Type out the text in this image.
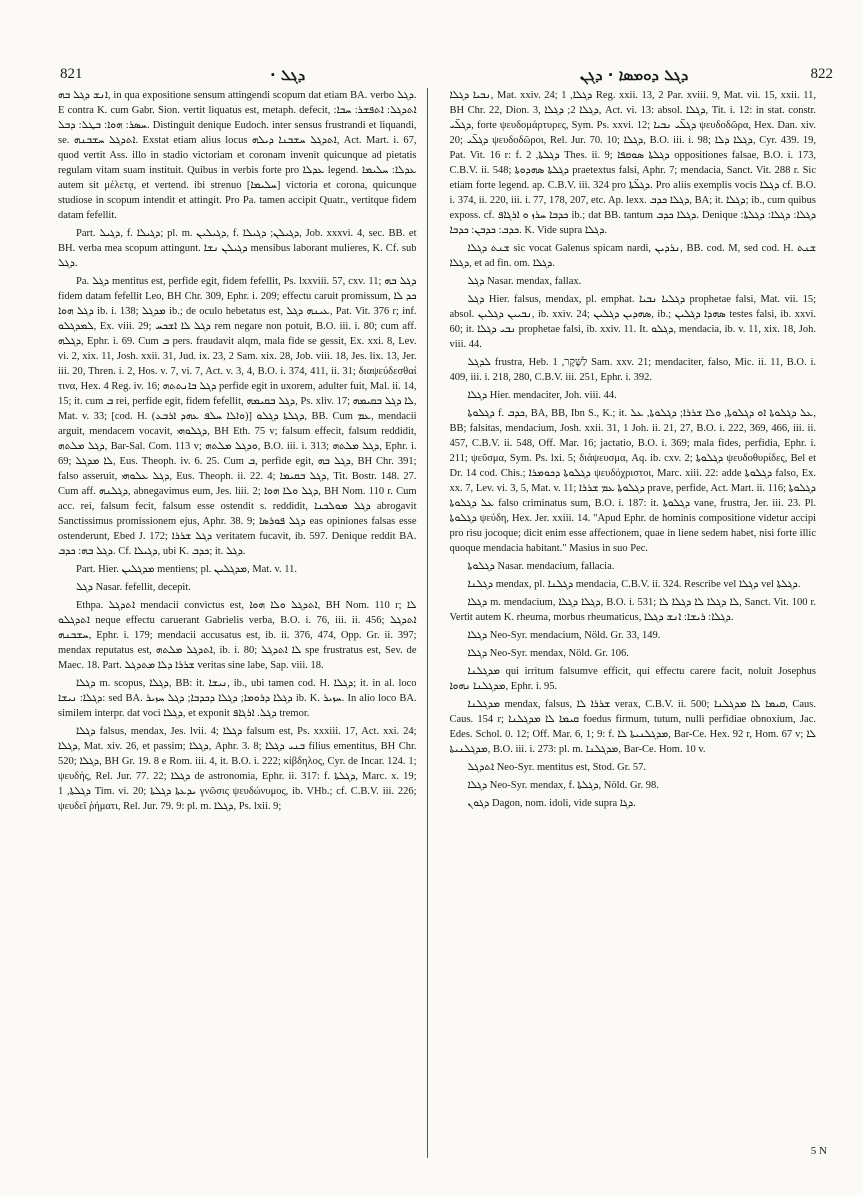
821	ܕܓܠ ·	ܕܓܠ ܕܘܡܣܐ · ܕܓܢ	822

ܐܢܫ ܕܓܠ ܒܗ, in qua expositione sensum attingendi scopum dat etiam BA. verbo ܕܓܠ. E contra K. cum Gabr. Sion. vertit liquatus est, metaph. defecit, ܐܬܕܓܠ: ܐܬܦܫܪ: ܚܒܐ: ܚܣܪ: ܗܘܐ: ܒܛܠ: ܕܒܠ. Distinguit denique Eudoch. inter sensus frustrandi et liquandi, se. ܐܬܕܓܠ ܚܫܒܢܗ. Exstat etiam alius locus ܐܬܕܓܠ ܚܫܒܢܐ ܕܝܠܗ, Act. Mart. i. 67, quod vertit Ass. illo in stadio victoriam et coronam invenit quicunque ad pietatis regulam vitam suam instituit. Quibus in verbis forte pro ܥܕܠܐ legend. ܥܕܠܐ: ܚܠܝܡܐ autem sit μέλετᾳ, et vertend. ibi strenuo [ܚܠܝܡܐ] victoria et corona, quicunque studiose in scopum intendit et attingit. Pro Pa. tamen accipit Quatr., vertitque fidem datam fefellit.

Part. ܕܓܝܠ, f. ܕܓܝܠܐ; pl. m. ܕܓܝܠܝܢ, f. ܕܓܝܠܢ; ܕܓܝܠܐ, Job. xxxvi. 4, sec. BB. et BH. verba mea scopum attingunt. ܕܓܝܠܢ ܢܫܐ mensibus laborant mulieres, K. Cf. sub ܕܓܠ.

Pa. ܕܓܠ mentitus est, perfide egit, fidem fefellit, Ps. lxxviii. 57, cxv. 11; ܕܓܠ ܒܗ fidem datam fefellit Leo, BH Chr. 309, Ephr. i. 209; effectu caruit promissum, ܟܕ ܠܐ ܕܓܠ ܗܘܐ ib. i. 138; ܡܕܓܠ ib.; de oculo hebetatus est, ܥܝܢܗ ܕܓܠ, Pat. Vit. 376 r; inf. ܠܡܕܓܠܘ, Ex. viii. 29; ܕܓܠ ܠܐ ܐܫܟܚ rem negare non potuit, B.O. iii. i. 80; cum aff. ܕܓܠܗ, Ephr. i. 69. Cum ܒ pers. fraudavit alqm, mala fide se gessit, Ex. xxi. 8, Lev. vi. 2, xix. 11, Josh. xxii. 31, Jud. ix. 23, 2 Sam. xix. 28, Job. viii. 18, Jes. lix. 13, Jer. iii. 20, Thren. i. 2, Hos. v. 7, vi. 7, Act. v. 3, 4, B.O. i. 374, 411, ii. 31; διαψεύδεσθαί τινα, Hex. 4 Reg. iv. 16; ܕܓܠ ܒܐܢܬܬܗ perfide egit in uxorem, adulter fuit, Mal. ii. 14, 15; it. cum ܒ rei, perfide egit, fidem fefellit, ܕܓܠ ܒܩܝܡܗ, Ps. xliv. 17; ܠܐ ܕܓܠ ܒܩܝܡܗ, Mat. v. 33; [cod. H. (ܘܐܠܐ ܚܠܦ ܥܗܕ ܐܪܒܥ)] ܕܓܠܬܐ ܕܓܠܘ, BB. Cum ܥܡ, mendacii arguit, mendacem vocavit, ܕܓܠܘܗܝ, BH Eth. 75 v; falsum effecit, falsum reddidit, ܕܓܠ ܡܠܬܗ, Bar-Sal. Com. 113 v; ܘܕܓܠ ܡܠܬܗ, B.O. iii. i. 313; ܕܓܠ ܡܠܬܗ, Ephr. i. 69; ܠܐ ܡܕܓܠ, Eus. Theoph. iv. 6. 25. Cum ܒ, perfide egit, ܕܓܠ ܒܗ, BH Chr. 391; falso asseruit, ܕܓܠ ܥܠܘܗܝ, Eus. Theoph. ii. 22. 4; ܕܓܠ ܒܩܝܡܐ, Tit. Bostr. 148. 27. Cum aff. ܕܓܠܢܗ, abnegavimus eum, Jes. liii. 2; ܕܓܠ ܘܠܐ ܗܘܐ, BH Nom. 110 r. Cum acc. rei, falsum fecit, falsum esse ostendit s. reddidit, ܕܓܠ ܡܘܠܟܢܐ abrogavit Sanctissimus promissionem ejus, Aphr. 38. 9; ܕܓܠ ܦܘܪܣܐ eas opiniones falsas esse ostenderunt, Ebed J. 172; ܕܓܠ ܫܪܪܐ veritatem fucavit, ib. 597. Denique reddit BA. ܕܓܠ ܒܗ: ܟܕܒ. Cf. ܕܓܝܠܐ, ubi K. ܟܕܒ; it. ܕܓܠ.

Part. Hier. ܡܕܓܠܝܢ mentiens; pl. ܡܕܓܠܝܢ, Mat. v. 11.

ܕܓܠ Nasar. fefellit, decepit.

Ethpa. ܐܬܕܓܠ mendacii convictus est, ܐܬܕܓܠ ܘܠܐ ܗܘܐ, BH Nom. 110 r; ܠܐ ܐܬܕܓܠܘ neque effectu caruerant Gabrielis verba, B.O. i. 76, iii. ii. 456; ܐܬܕܓܠ ܚܫܒܢܗ, Ephr. i. 179; mendacii accusatus est, ib. ii. 376, 474, Opp. Gr. ii. 397; mendax reputatus est, ܐܬܕܓܠ ܡܠܬܗ, ib. i. 80; ܠܐ ܐܬܕܓܠ spe frustratus est, Sev. de Maec. 18. Part. ܫܪܪܐ ܕܠܐ ܡܬܕܓܠ veritas sine labe, Sap. viii. 18.

ܕܓܠܐ m. scopus, ܕܓܠܐ, BB: it. ܢܝܫܐ, ib., ubi tamen cod. H. ܕܓܠܐ; it. in al. loco ܕܓܠܐ: ܢܝܫܐ: sed BA. ܕܓܠܐ ܕܪܘܡܐ; ܕܓܠܐ ܕܟܕܒܐ; ܕܓܠ ܚܙܝܪ ib. K. ܚܙܝܪ. In alio loco BA. similem interpr. dat voci ܕܓܠܐ, et exponit ܕܓܠ. ܐܪܓܐܦ tremor.

ܕܓܠܐ falsus, mendax, Jes. lvii. 4; ܕܓܠܐ falsum est, Ps. xxxiii. 17, Act. xxi. 24; ܕܓܠܐ, Mat. xiv. 26, et passim; ܕܓܠܐ, Aphr. 3. 8; ܒܢܝ ܕܓܠܐ filius ementitus, BH Chr. 520; ܕܓܠܐ, BH Gr. 19. 8 e Rom. iii. 4, it. B.O. i. 222; κίβδηλος, Cyr. de Incar. 124. 1; ψευδής, Rel. Jur. 77. 22; ܕܓܠܐ de astronomia, Ephr. ii. 317: f. ܕܓܠܬܐ, Marc. x. 19; ܕܓܠܬܐ, 1 Tim. vi. 20; ܝܕܥܬܐ ܕܓܠܬܐ γνῶσις ψευδώνυμος, ib. VHb.; cf. C.B.V. iii. 226; ψευδεῖ ῥήματι, Rel. Jur. 79. 9: pl. m. ܕܓܠܐ, Ps. lxii. 9;

ܢܒܝܐ ܕܓܠܐ, Mat. xxiv. 24; ܕܓܠܐ, 1 Reg. xxii. 13, 2 Par. xviii. 9, Mat. vii. 15, xxii. 11, BH Chr. 22, Dion. 3, ܕܓܠܐ 2; ܕܓܠܐ, Act. vi. 13: absol. ܕܓܠܐ, Tit. i. 12: in stat. constr. ܕܓܠ̈ܝ, forte ψευδομάρτυρες, Sym. Ps. xxvi. 12; ܕܓܠ̈ܝ ܢܒܝܐ ψευδοδῶρα, Hex. Dan. xiv. 20; ܕܓܠ̈ܝ ψευδοδῶροι, Rel. Jur. 70. 10; ܕܓܠܐ, B.O. iii. i. 98; ܕܓܠܐ ܕܠܐ, Cyr. 439. 19, Pat. Vit. 16 r: f. ܕܓܠܬܐ, 2 Thes. ii. 9; ܕܓܠܬܐ ܣܘܩܦܐ oppositiones falsae, B.O. i. 173, C.B.V. ii. 548; ܕܓܠܬܐ ܣܗܕܘܬܐ praetextus falsi, Aphr. 7; mendacia, Sanct. Vit. 288 r. Sic etiam forte legend. ap. C.B.V. iii. 324 pro ܕܓܠ̈ܬܐ. Pro aliis exemplis vocis ܕܓܠܐ cf. B.O. i. 374, ii. 220, iii. i. 77, 178, 207, etc. Ap. lexx. ܕܓܠܐ ܟܕܒ, BA; it. ܕܓܠܐ; ib., cum quibus exposs. cf. ܟܕܒܐ ܚܪܙ ܘ ܐܪܓܐܦ ib.; dat BB. tantum ܕܓܠܐ ܟܕܒ. Denique ܕܓܠܐ: ܕܓܠܐ: ܕܓܠܬܐ: ܟܕܒ: ܟܕܒܢ: ܟܕܒܐ. K. Vide supra ܕܓܠܐ.

ܫܢܬ ܕܓܠܐ sic vocat Galenus spicam nardi, ܢܪܕܝܢ, BB. cod. M, sed cod. H. ܫܢܬ ܕܓܠܐ, et ad fin. om. ܕܓܠܐ.

ܕܓܠ Nasar. mendax, fallax.

ܕܓܠ Hier. falsus, mendax, pl. emphat. ܕܓܠܝܐ ܢܒܝܐ prophetae falsi, Mat. vii. 15; absol. ܢܒܝܝܢ ܕܓܠܝܢ, ib. xxiv. 24; ܣܗܕܝܢ ܕܓܠܝܢ, ib.; ܣܗܕܐ ܕܓܠܝܢ testes falsi, ib. xxvi. 60; it. ܢܒܝ ܕܓܠܐ prophetae falsi, ib. xxiv. 11. It. ܕܓܠܘ, mendacia, ib. v. 11, xix. 18, Joh. viii. 44.

ܠܕܓܠ frustra, Heb. לַשֶּׁקֶר, 1 Sam. xxv. 21; mendaciter, falso, Mic. ii. 11, B.O. i. 409, iii. i. 218, 280, C.B.V. iii. 251, Ephr. i. 392.

ܕܓܠܐ Hier. mendaciter, Joh. viii. 44.

ܕܓܠܘܬܐ f. ܟܕܒ, BA, BB, Ibn S., K.; it. ܥܠ ܕܓܠܘܬܐ ܐܘ ܕܓܠܘܬܐ, ܘܠܐ ܫܪܪܐ; ܕܓܠܘܬܐ, ܥܠ, BB; falsitas, mendacium, Josh. xxii. 31, 1 Joh. ii. 21, 27, B.O. i. 222, 369, 466, iii. ii. 457, C.B.V. ii. 548, Off. Mar. 16; jactatio, B.O. i. 369; mala fides, perfidia, Ephr. i. 211; ψεῦσμα, Sym. Ps. lxi. 5; διάψευσμα, Aq. ib. cxv. 2; ܕܓܠܘܬܐ ψευδοθυρίδες, Bel et Dr. 14 cod. Chis.; ܕܓܠܘܬܐ ܕܟܘܡܪܐ ψευδόχριστοι, Marc. xiii. 22: adde ܕܓܠܘܬܐ falso, Ex. xx. 7, Lev. vi. 3, 5, Mat. v. 11; ܕܓܠܘܬܐ ܥܡ ܫܪܪܐ prave, perfide, Act. Mart. ii. 116; ܕܓܠܘܬܐ ܥܠ ܕܓܠܘܬܐ falso criminatus sum, B.O. i. 187: it. ܕܓܠܘܬܐ vane, frustra, Jer. iii. 23. Pl. ܕܓܠܘܬܐ ψεύδη, Hex. Jer. xxiii. 14. "Apud Ephr. de hominis compositione videtur accipi pro risu jocoque; dicit enim esse affectionem, quae in liene sedem habet, nisi forte illic quoque mendacia habitant." Masius in suo Pec.

ܕܓܠܘܬܐ Nasar. mendacium, fallacia.

ܕܓܠܢܐ mendax, pl. ܕܓܠܢܐ mendacia, C.B.V. ii. 324. Rescribe vel ܕܓܠܐ vel ܕܓܠܬܐ.

ܕܓܠܐ m. mendacium, ܕܓܠܐ ܕܓܠܐ, B.O. i. 531; ܠܐ ܕܓܠܐ ܠܐ ܕܓܠܐ ܠܐ, Sanct. Vit. 100 r. Vertit autem K. rheuma, morbus rheumaticus, ܕܓܠܐ: ܪܝܫܐ: ܐܢܫ ܕܓܠܐ.

ܕܓܠܐ Neo-Syr. mendacium, Nöld. Gr. 33, 149.

ܕܓܠܐ Neo-Syr. mendax, Nöld. Gr. 106.

ܡܕܓܠܢܐ qui irritum falsumve efficit, qui effectu carere facit, noluit Josephus ܡܕܓܠܢܐ ܢܗܘܐ, Ephr. i. 95.

ܡܕܓܠܢܐ mendax, falsus, ܫܪܪܐ ܠܐ verax, C.B.V. ii. 500; ܩܝܡܐ ܠܐ ܡܕܓܠܢܐ, Caus. Caus. 154 r; ܩܝܡܐ ܠܐ ܡܕܓܠܢܐ foedus firmum, tutum, nulli perfidiae obnoxium, Jac. Edes. Schol. 0. 12; Off. Mar. 6, 1; 9: f. ܡܕܓܠܢܝܬܐ ܠܐ, Bar-Ce. Hex. 92 r, Hom. 67 v; ܠܐ ܡܕܓܠܢܝܬܐ, B.O. iii. i. 273: pl. m. ܡܕܓܠܢܐ, Bar-Ce. Hom. 10 v.

ܐܬܕܓܠ Neo-Syr. mentitus est, Stod. Gr. 57.

ܕܓܠܐ Neo-Syr. mendax, f. ܕܓܠܬܐ, Nöld. Gr. 98.

ܕܓܘܢ Dagon, nom. idoli, vide supra ܕܓܐ.

5 N
